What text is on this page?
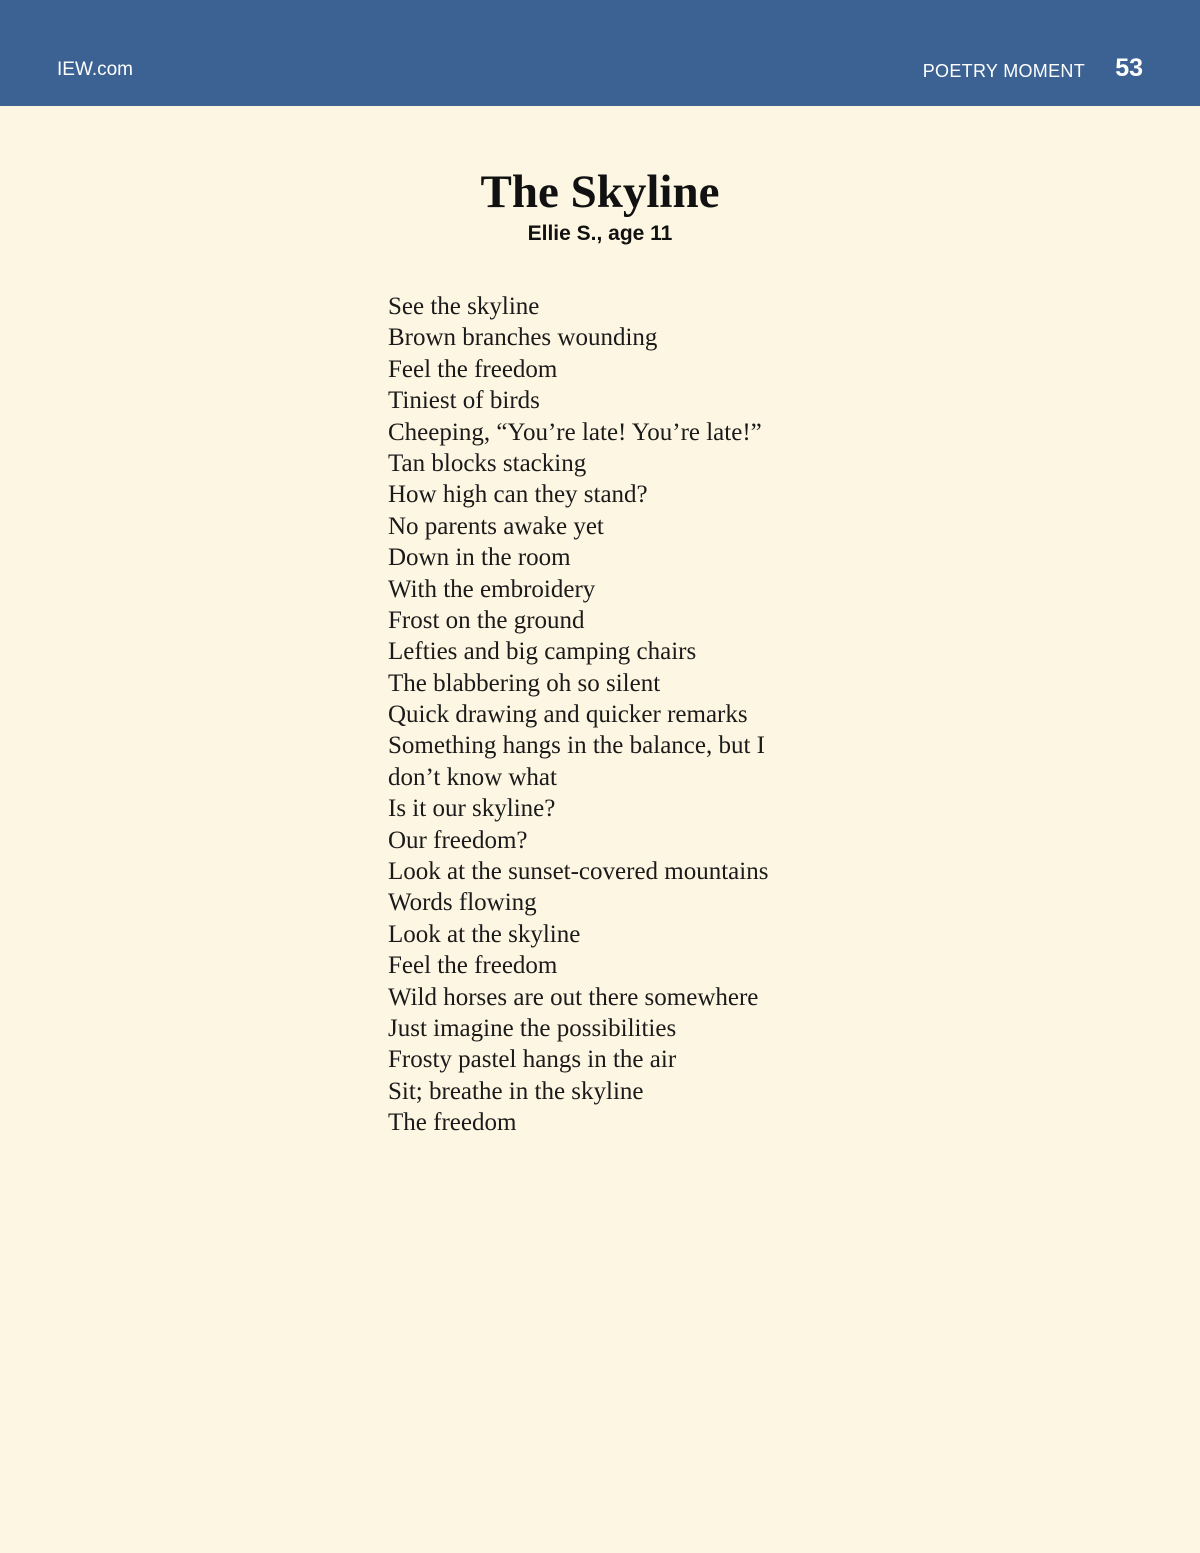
IEW.com	POETRY MOMENT 53
The Skyline
Ellie S., age 11
See the skyline
Brown branches wounding
Feel the freedom
Tiniest of birds
Cheeping, “You’re late! You’re late!”
Tan blocks stacking
How high can they stand?
No parents awake yet
Down in the room
With the embroidery
Frost on the ground
Lefties and big camping chairs
The blabbering oh so silent
Quick drawing and quicker remarks
Something hangs in the balance, but I
don’t know what
Is it our skyline?
Our freedom?
Look at the sunset-covered mountains
Words flowing
Look at the skyline
Feel the freedom
Wild horses are out there somewhere
Just imagine the possibilities
Frosty pastel hangs in the air
Sit; breathe in the skyline
The freedom
